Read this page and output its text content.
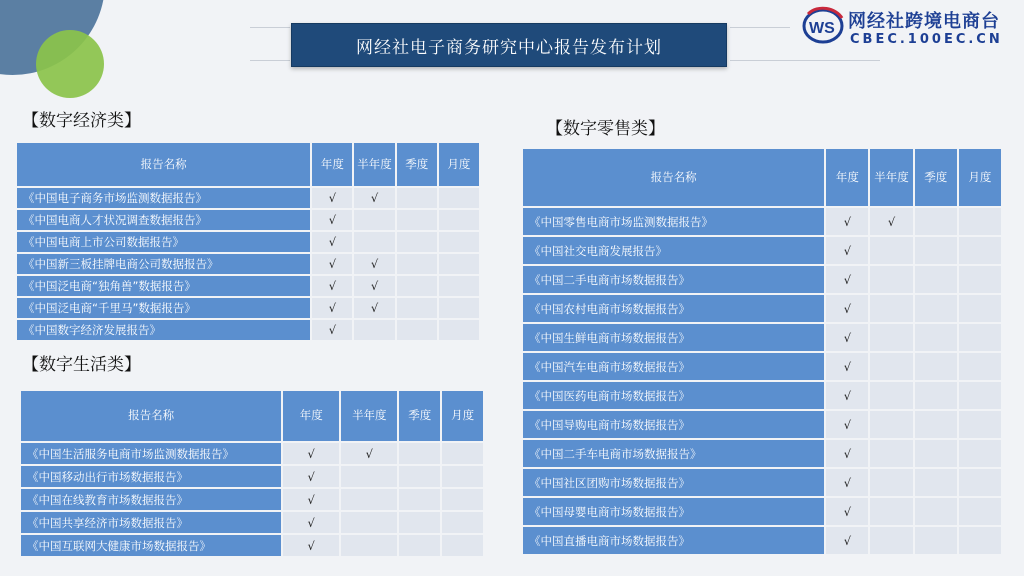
网经社电子商务研究中心报告发布计划
WS 网经社跨境电商台
CBEC.100EC.CN
【数字经济类】
【数字生活类】
【数字零售类】
报告名称	年度	半年度	季度	月度
《中国电子商务市场监测数据报告》	√	√		
《中国电商人才状况调查数据报告》	√			
《中国电商上市公司数据报告》	√			
《中国新三板挂牌电商公司数据报告》	√	√		
《中国泛电商“独角兽”数据报告》	√	√		
《中国泛电商“千里马”数据报告》	√	√		
《中国数字经济发展报告》	√			
报告名称	年度	半年度	季度	月度
《中国生活服务电商市场监测数据报告》	√	√		
《中国移动出行市场数据报告》	√			
《中国在线教育市场数据报告》	√			
《中国共享经济市场数据报告》	√			
《中国互联网大健康市场数据报告》	√			
报告名称	年度	半年度	季度	月度
《中国零售电商市场监测数据报告》	√	√		
《中国社交电商发展报告》	√			
《中国二手电商市场数据报告》	√			
《中国农村电商市场数据报告》	√			
《中国生鲜电商市场数据报告》	√			
《中国汽车电商市场数据报告》	√			
《中国医药电商市场数据报告》	√			
《中国导购电商市场数据报告》	√			
《中国二手车电商市场数据报告》	√			
《中国社区团购市场数据报告》	√			
《中国母婴电商市场数据报告》	√			
《中国直播电商市场数据报告》	√			
